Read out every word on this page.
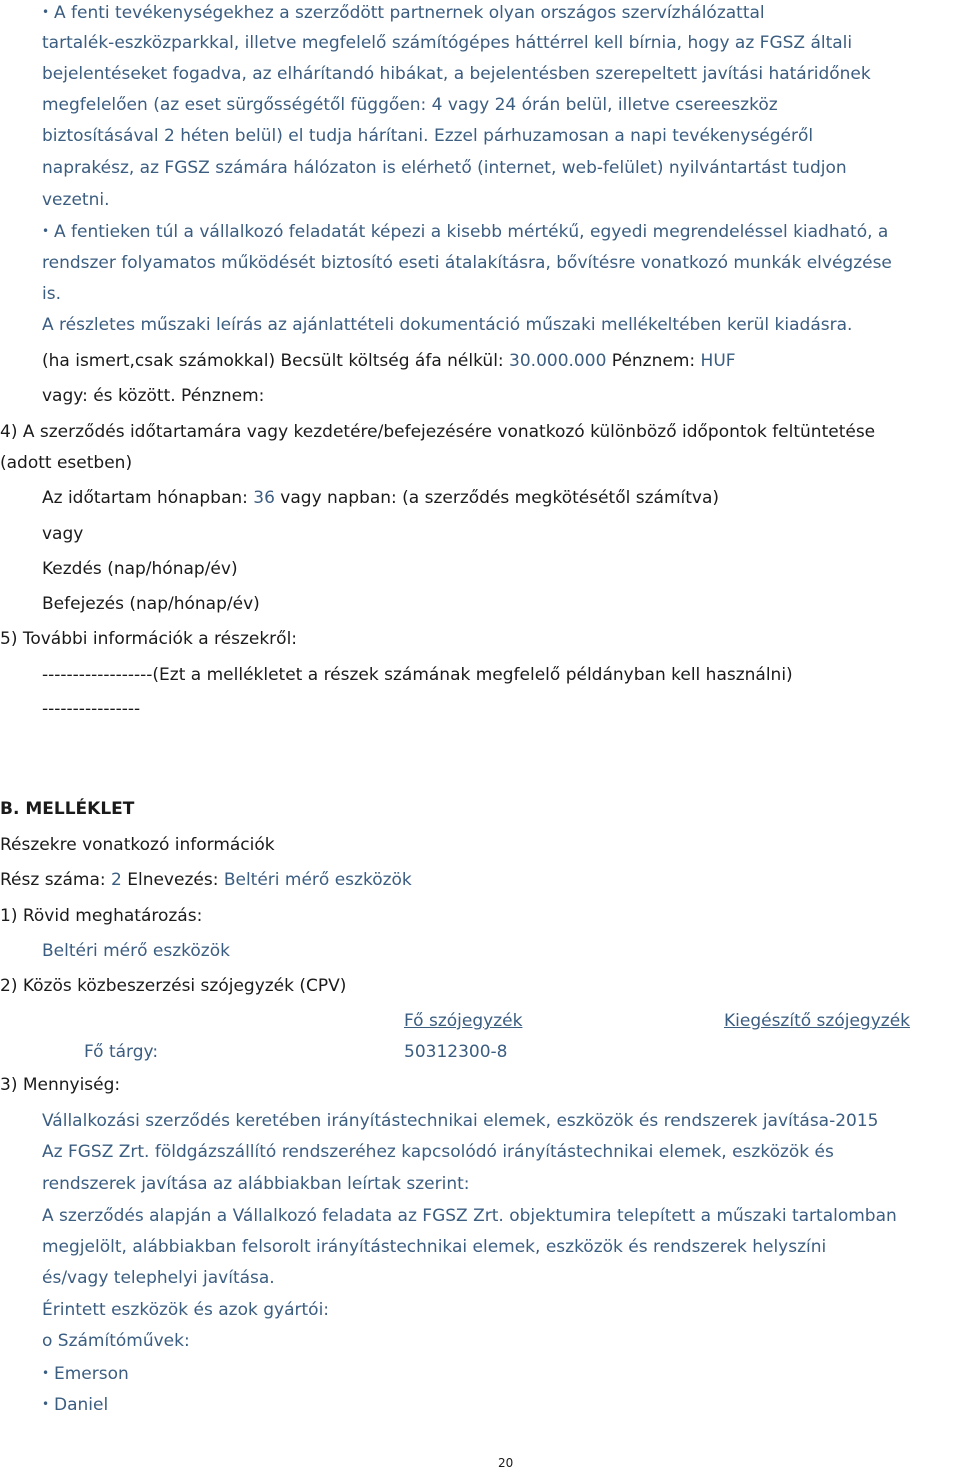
• A fenti tevékenységekhez a szerződött partnernek olyan országos szervízhálózattal
tartalék-eszközparkkal, illetve megfelelő számítógépes háttérrel kell bírnia, hogy az FGSZ általi
bejelentéseket fogadva, az elhárítandó hibákat, a bejelentésben szerepeltett javítási határidőnek
megfelelően (az eset sürgősségétől függően: 4 vagy 24 órán belül, illetve csereeszköz
biztosításával 2 héten belül) el tudja hárítani. Ezzel párhuzamosan a napi tevékenységéről
naprakész, az FGSZ számára hálózaton is elérhető (internet, web-felület) nyilvántartást tudjon
vezetni.
• A fentieken túl a vállalkozó feladatát képezi a kisebb mértékű, egyedi megrendeléssel kiadható, a
rendszer folyamatos működését biztosító eseti átalakításra, bővítésre vonatkozó munkák elvégzése
is.
A részletes műszaki leírás az ajánlattételi dokumentáció műszaki mellékeltében kerül kiadásra.
(ha ismert,csak számokkal) Becsült költség áfa nélkül: 30.000.000 Pénznem: HUF
vagy: és között. Pénznem:
4) A szerződés időtartamára vagy kezdetére/befejezésére vonatkozó különböző időpontok feltüntetése
(adott esetben)
Az időtartam hónapban: 36 vagy napban: (a szerződés megkötésétől számítva)
vagy
Kezdés (nap/hónap/év)
Befejezés (nap/hónap/év)
5) További információk a részekről:
------------------(Ezt a mellékletet a részek számának megfelelő példányban kell használni)
----------------
B. MELLÉKLET
Részekre vonatkozó információk
Rész száma: 2 Elnevezés: Beltéri mérő eszközök
1) Rövid meghatározás:
Beltéri mérő eszközök
2) Közös közbeszerzési szójegyzék (CPV)
Fő szójegyzék	Kiegészítő szójegyzék
Fő tárgy:	50312300-8
3) Mennyiség:
Vállalkozási szerződés keretében irányítástechnikai elemek, eszközök és rendszerek javítása-2015
Az FGSZ Zrt. földgázszállító rendszeréhez kapcsolódó irányítástechnikai elemek, eszközök és
rendszerek javítása az alábbiakban leírtak szerint:
A szerződés alapján a Vállalkozó feladata az FGSZ Zrt. objektumira telepített a műszaki tartalomban
megjelölt, alábbiakban felsorolt irányítástechnikai elemek, eszközök és rendszerek helyszíni
és/vagy telephelyi javítása.
Érintett eszközök és azok gyártói:
o Számítóművek:
• Emerson
• Daniel
20
